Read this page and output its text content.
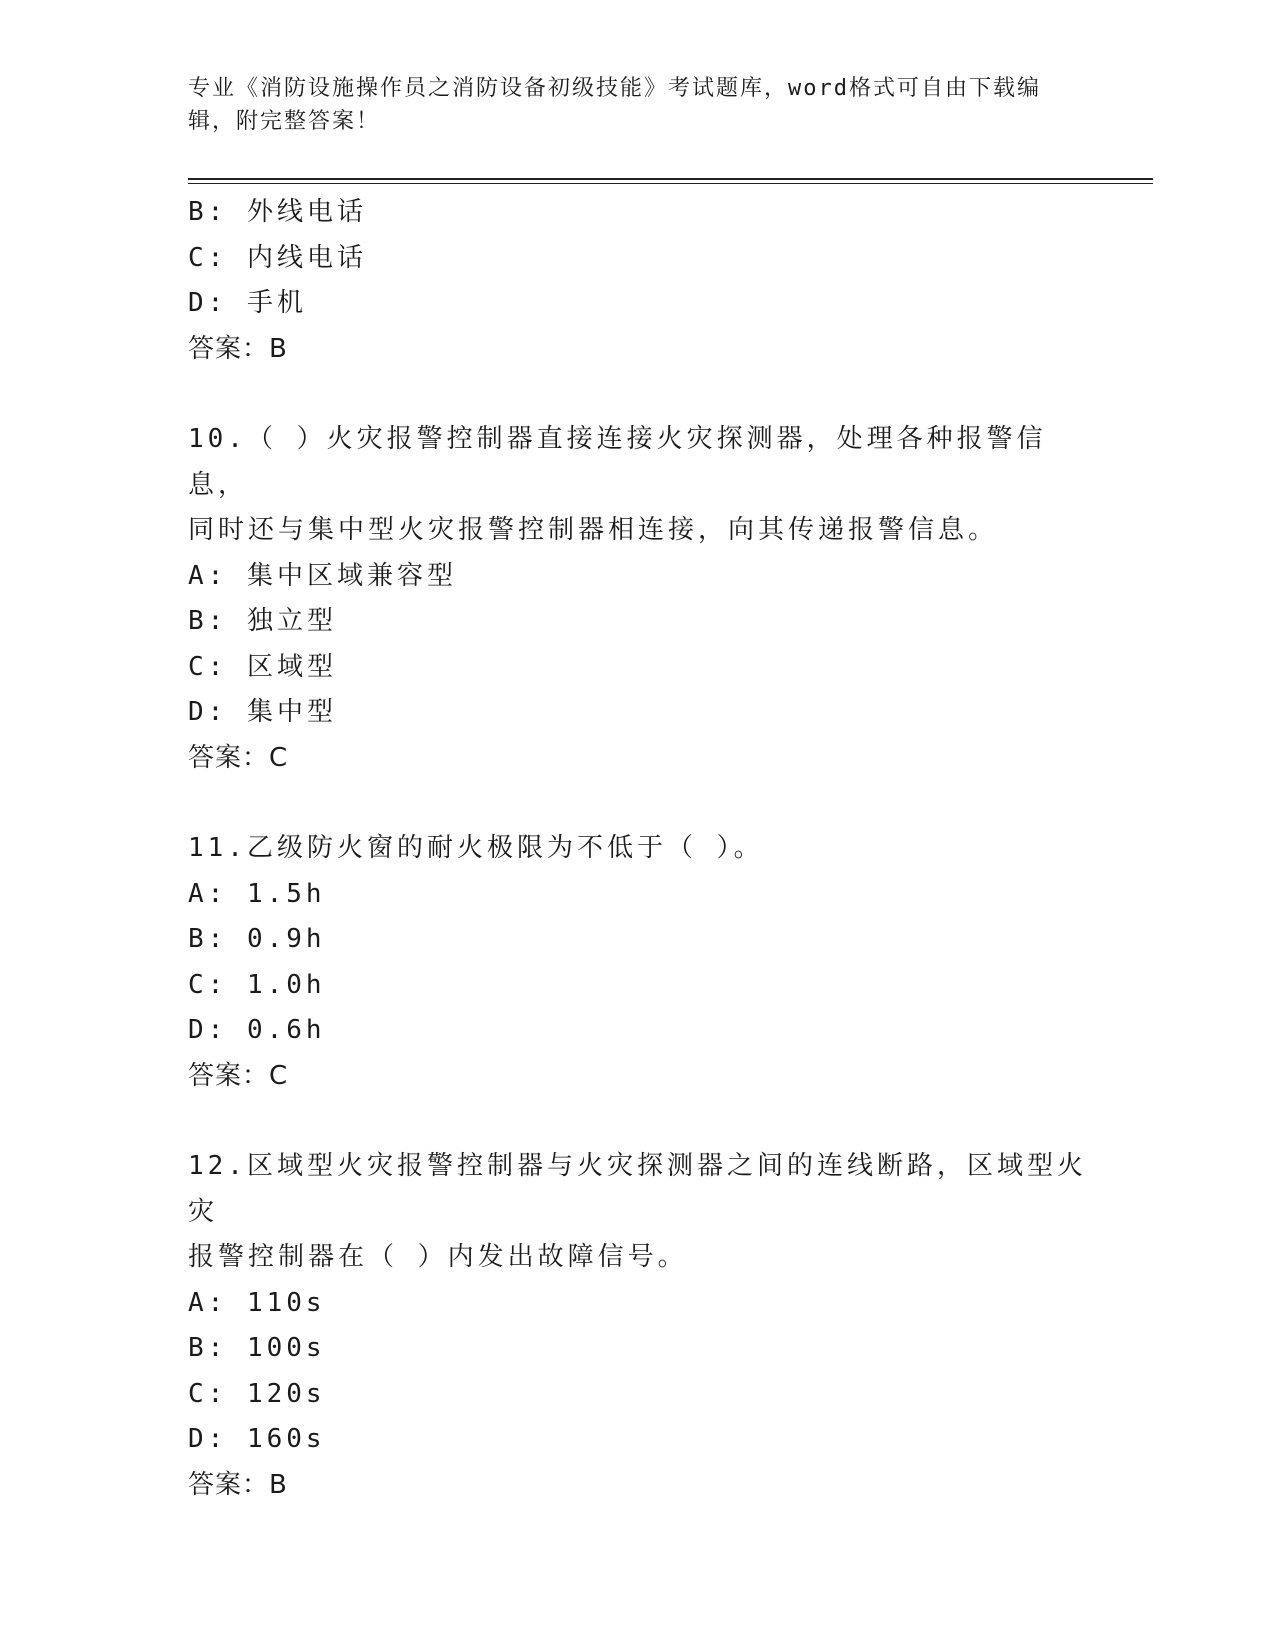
专业《消防设施操作员之消防设备初级技能》考试题库，word格式可自由下载编辑，附完整答案！
B: 外线电话
C: 内线电话
D: 手机
答案：B
10.（ ）火灾报警控制器直接连接火灾探测器，处理各种报警信息，
同时还与集中型火灾报警控制器相连接，向其传递报警信息。
A: 集中区域兼容型
B: 独立型
C: 区域型
D: 集中型
答案：C
11.乙级防火窗的耐火极限为不低于（ ）。
A: 1.5h
B: 0.9h
C: 1.0h
D: 0.6h
答案：C
12.区域型火灾报警控制器与火灾探测器之间的连线断路，区域型火灾
报警控制器在（ ）内发出故障信号。
A: 110s
B: 100s
C: 120s
D: 160s
答案：B
